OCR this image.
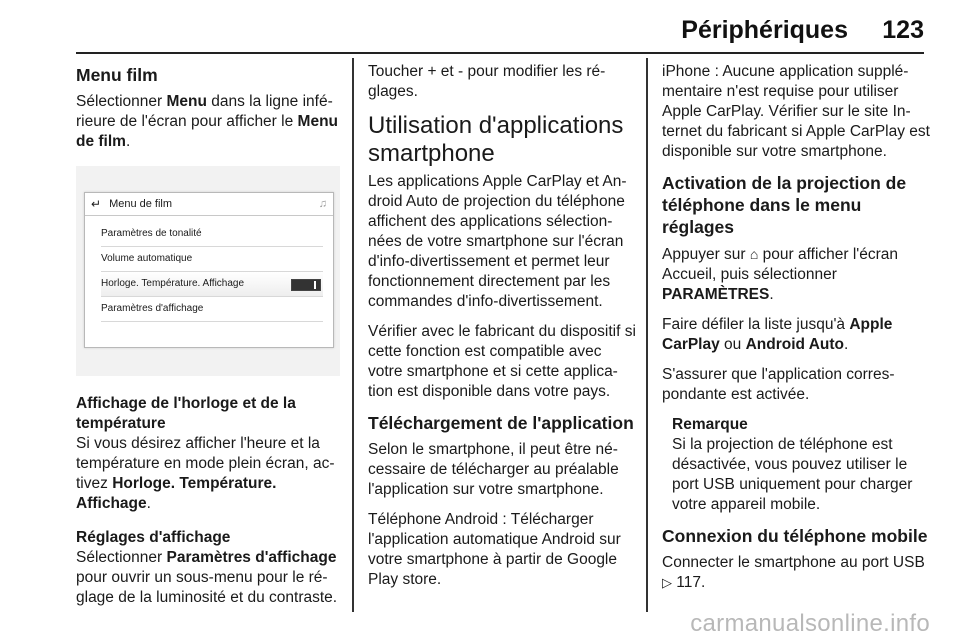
Périphériques 123
Menu film

Sélectionner Menu dans la ligne infé-rieure de l'écran pour afficher le Menu de film.

↵ Menu de film	♫
Paramètres de tonalité
Volume automatique
Horloge. Température. Affichage
Paramètres d'affichage
Affichage de l'horloge et de la
température

Si vous désirez afficher l'heure et la température en mode plein écran, ac-tivez Horloge. Température. Affichage.

Réglages d'affichage

Sélectionner Paramètres d'affichage pour ouvrir un sous-menu pour le ré-glage de la luminosité et du contraste.

Toucher + et - pour modifier les ré-glages.

Utilisation d'applications smartphone

Les applications Apple CarPlay et An-droid Auto de projection du téléphone affichent des applications sélection-nées de votre smartphone sur l'écran d'info-divertissement et permet leur fonctionnement directement par les commandes d'info-divertissement.

Vérifier avec le fabricant du dispositif si cette fonction est compatible avec votre smartphone et si cette applica-tion est disponible dans votre pays.

Téléchargement de l'application

Selon le smartphone, il peut être né-cessaire de télécharger au préalable l'application sur votre smartphone.

Téléphone Android : Télécharger l'application automatique Android sur votre smartphone à partir de Google Play store.

iPhone : Aucune application supplé-mentaire n'est requise pour utiliser Apple CarPlay. Vérifier sur le site In-ternet du fabricant si Apple CarPlay est disponible sur votre smartphone.

Activation de la projection de téléphone dans le menu réglages

Appuyer sur ⌂ pour afficher l'écran Accueil, puis sélectionner PARAMÈTRES.

Faire défiler la liste jusqu'à Apple CarPlay ou Android Auto.

S'assurer que l'application corres-pondante est activée.

Remarque

Si la projection de téléphone est désactivée, vous pouvez utiliser le port USB uniquement pour charger votre appareil mobile.

Connexion du téléphone mobile

Connecter le smartphone au port USB ▷ 117.

carmanualsonline.info
